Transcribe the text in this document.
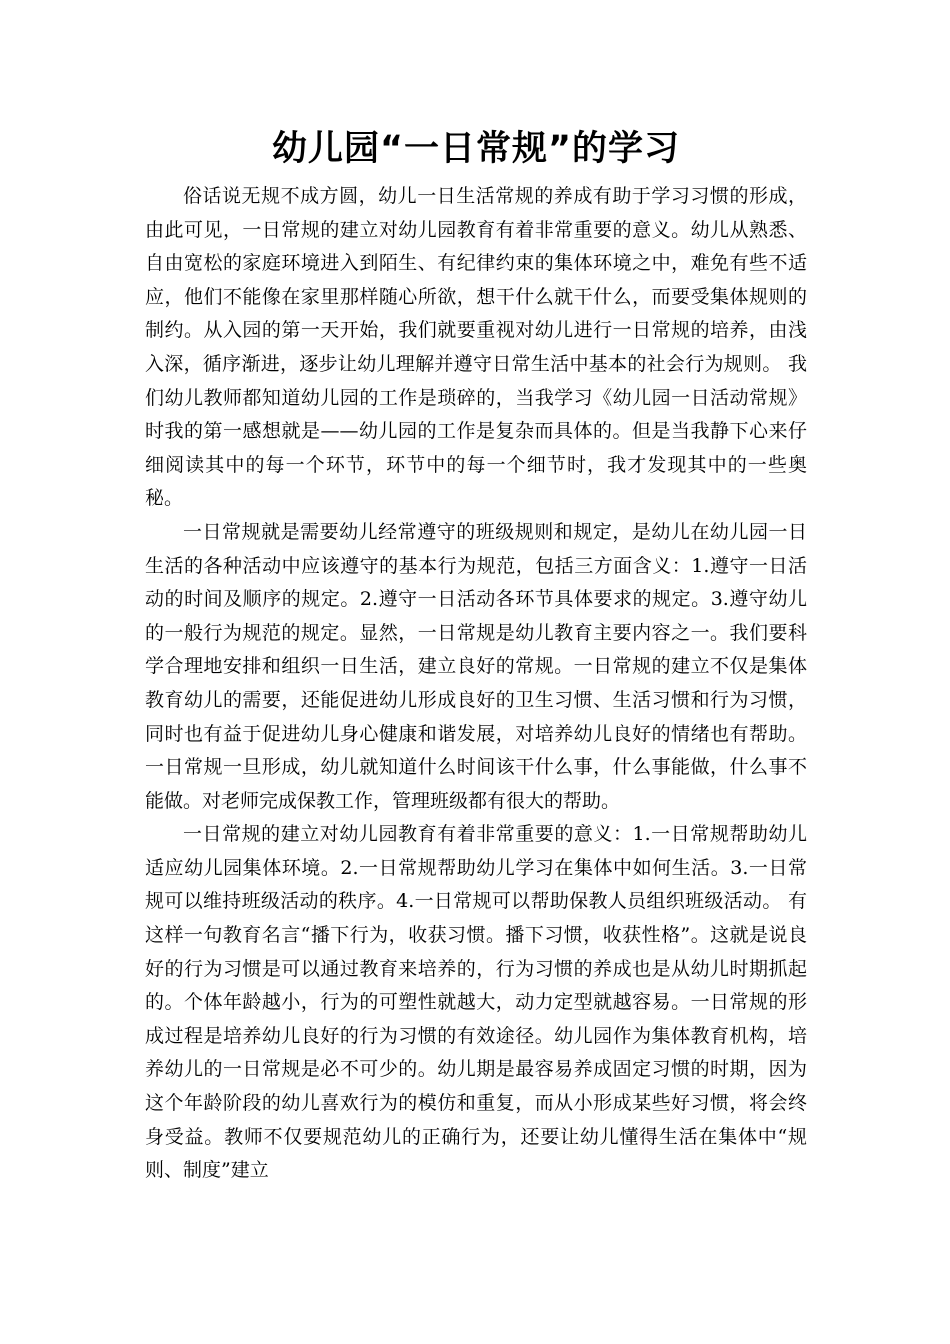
幼儿园“一日常规”的学习

俗话说无规不成方圆，幼儿一日生活常规的养成有助于学习习惯的形成，由此可见，一日常规的建立对幼儿园教育有着非常重要的意义。幼儿从熟悉、自由宽松的家庭环境进入到陌生、有纪律约束的集体环境之中，难免有些不适应，他们不能像在家里那样随心所欲，想干什么就干什么，而要受集体规则的制约。从入园的第一天开始，我们就要重视对幼儿进行一日常规的培养，由浅入深，循序渐进，逐步让幼儿理解并遵守日常生活中基本的社会行为规则。 我们幼儿教师都知道幼儿园的工作是琐碎的，当我学习《幼儿园一日活动常规》时我的第一感想就是——幼儿园的工作是复杂而具体的。但是当我静下心来仔细阅读其中的每一个环节，环节中的每一个细节时，我才发现其中的一些奥秘。

一日常规就是需要幼儿经常遵守的班级规则和规定，是幼儿在幼儿园一日生活的各种活动中应该遵守的基本行为规范，包括三方面含义：1.遵守一日活动的时间及顺序的规定。2.遵守一日活动各环节具体要求的规定。3.遵守幼儿的一般行为规范的规定。显然，一日常规是幼儿教育主要内容之一。我们要科学合理地安排和组织一日生活，建立良好的常规。一日常规的建立不仅是集体教育幼儿的需要，还能促进幼儿形成良好的卫生习惯、生活习惯和行为习惯，同时也有益于促进幼儿身心健康和谐发展，对培养幼儿良好的情绪也有帮助。一日常规一旦形成，幼儿就知道什么时间该干什么事，什么事能做，什么事不能做。对老师完成保教工作，管理班级都有很大的帮助。

一日常规的建立对幼儿园教育有着非常重要的意义：1.一日常规帮助幼儿适应幼儿园集体环境。2.一日常规帮助幼儿学习在集体中如何生活。3.一日常规可以维持班级活动的秩序。4.一日常规可以帮助保教人员组织班级活动。 有这样一句教育名言“播下行为，收获习惯。播下习惯，收获性格”。这就是说良好的行为习惯是可以通过教育来培养的，行为习惯的养成也是从幼儿时期抓起的。个体年龄越小，行为的可塑性就越大，动力定型就越容易。一日常规的形成过程是培养幼儿良好的行为习惯的有效途径。幼儿园作为集体教育机构，培养幼儿的一日常规是必不可少的。幼儿期是最容易养成固定习惯的时期，因为这个年龄阶段的幼儿喜欢行为的模仿和重复，而从小形成某些好习惯，将会终身受益。教师不仅要规范幼儿的正确行为，还要让幼儿懂得生活在集体中“规则、制度”建立
